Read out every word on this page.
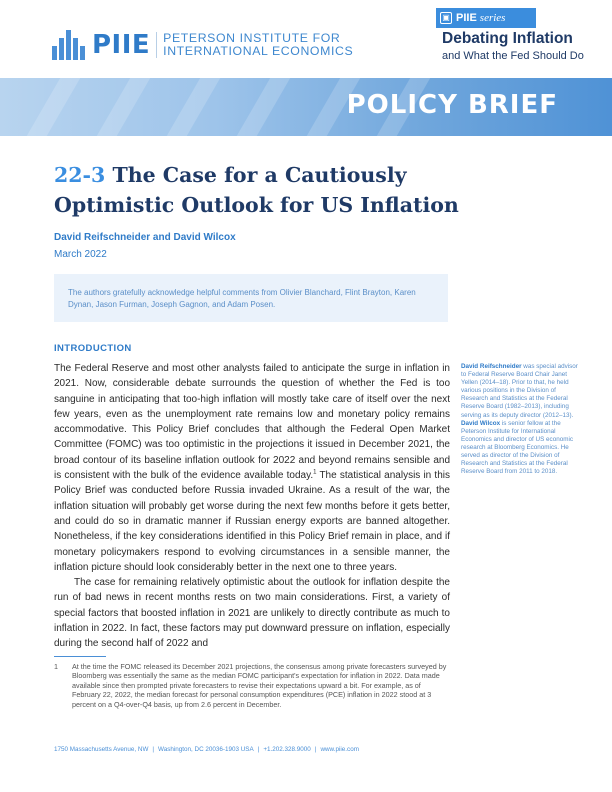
PIIE PETERSON INSTITUTE FOR
INTERNATIONAL ECONOMICS
▣ PIIE series
Debating Inflation
and What the Fed Should Do
POLICY BRIEF
22-3 The Case for a Cautiously Optimistic Outlook for US Inflation
David Reifschneider and David Wilcox
March 2022
The authors gratefully acknowledge helpful comments from Olivier Blanchard, Flint Brayton, Karen Dynan, Jason Furman, Joseph Gagnon, and Adam Posen.
INTRODUCTION

The Federal Reserve and most other analysts failed to anticipate the surge in inflation in 2021. Now, considerable debate surrounds the question of whether the Fed is too sanguine in anticipating that too-high inflation will mostly take care of itself over the next few years, even as the unemployment rate remains low and monetary policy remains accommodative. This Policy Brief concludes that although the Federal Open Market Committee (FOMC) was too optimistic in the projections it issued in December 2021, the broad contour of its baseline inflation outlook for 2022 and beyond remains sensible and is consistent with the bulk of the evidence available today.$^1$ The statistical analysis in this Policy Brief was conducted before Russia invaded Ukraine. As a result of the war, the inflation situation will probably get worse during the next few months before it gets better, and could do so in dramatic manner if Russian energy exports are banned altogether. Nonetheless, if the key considerations identified in this Policy Brief remain in place, and if monetary policymakers respond to evolving circumstances in a sensible manner, the inflation picture should look considerably better in the next one to three years.

The case for remaining relatively optimistic about the outlook for inflation despite the run of bad news in recent months rests on two main considerations. First, a variety of special factors that boosted inflation in 2021 are unlikely to directly contribute as much to inflation in 2022. In fact, these factors may put downward pressure on inflation, especially during the second half of 2022 and

David Reifschneider was special advisor to Federal Reserve Board Chair Janet Yellen (2014–18). Prior to that, he held various positions in the Division of Research and Statistics at the Federal Reserve Board (1982–2013), including serving as its deputy director (2012–13).

David Wilcox is senior fellow at the Peterson Institute for International Economics and director of US economic research at Bloomberg Economics. He served as director of the Division of Research and Statistics at the Federal Reserve Board from 2011 to 2018.

1	At the time the FOMC released its December 2021 projections, the consensus among private forecasters surveyed by Bloomberg was essentially the same as the median FOMC participant's expectation for inflation in 2022. Data made available since then prompted private forecasters to revise their expectations upward a bit. For example, as of February 22, 2022, the median forecast for personal consumption expenditures (PCE) inflation in 2022 stood at 3 percent on a Q4-over-Q4 basis, up from 2.6 percent in December.
1750 Massachusetts Avenue, NW | Washington, DC 20036-1903 USA | +1.202.328.9000 | www.piie.com
